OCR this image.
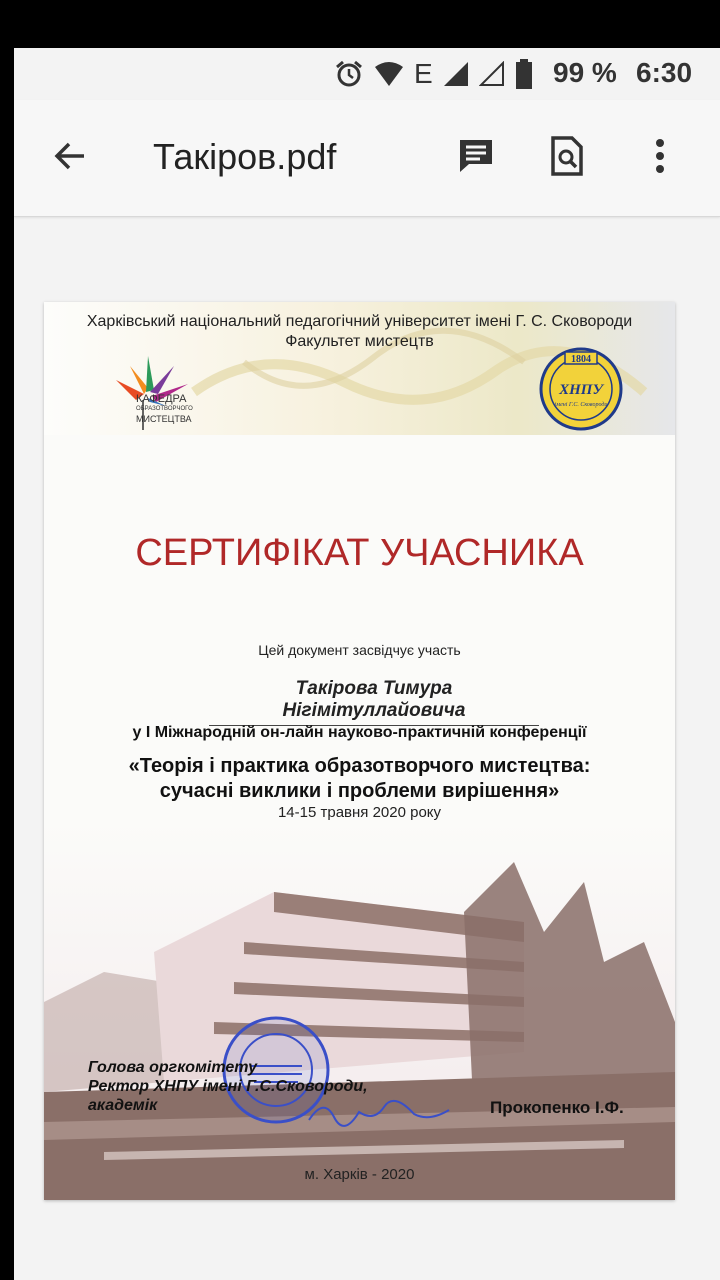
E	99 % 6:30
Такіров.pdf
Харківський національний педагогічний університет імені Г. С. Сковороди
Факультет мистецтв
КАФЕДРА
ОБРАЗОТВОРЧОГО
МИСТЕЦТВА
1804
ХНПУ
імені Г.С. Сковороди
СЕРТИФІКАТ УЧАСНИКА
Цей документ засвідчує участь
Такірова Тимура Нігімітуллайовича
у І Міжнародній он-лайн науково-практичній конференції
«Теорія і практика образотворчого мистецтва:
сучасні виклики і проблеми вирішення»
14-15 травня 2020 року
Голова оргкомітету
Ректор ХНПУ імені Г.С.Сковороди,
академік	Прокопенко І.Ф.
м. Харків - 2020
